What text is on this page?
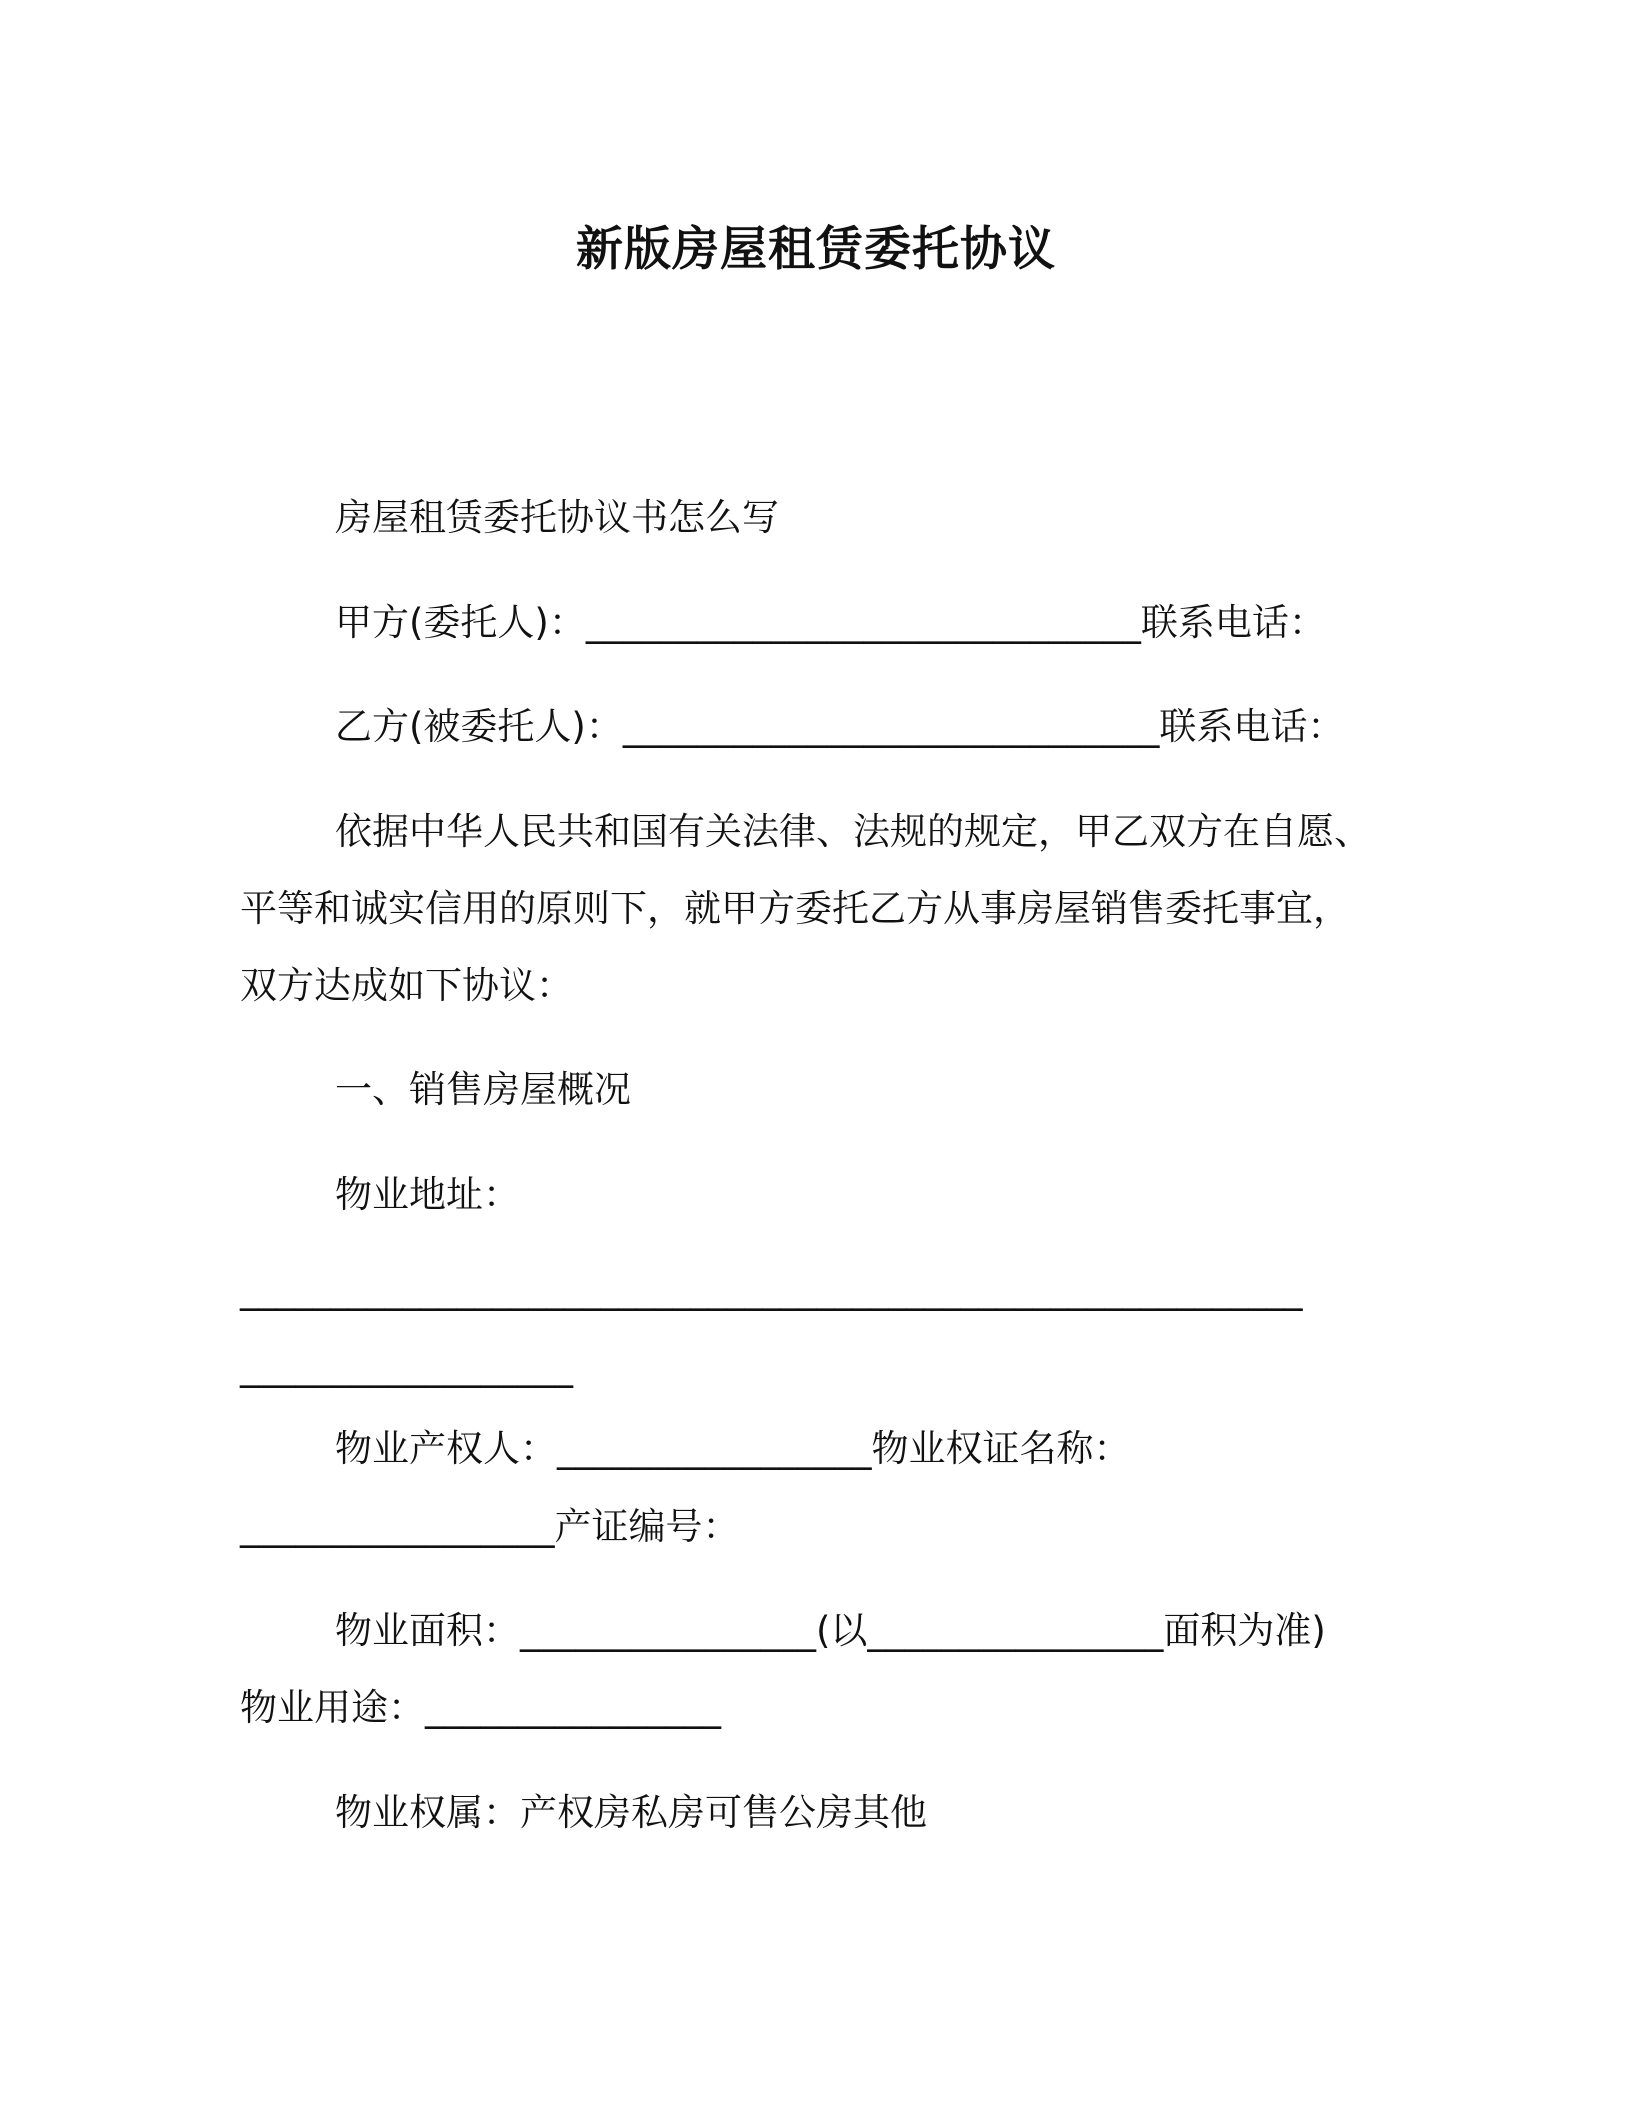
新版房屋租赁委托协议
房屋租赁委托协议书怎么写
甲方(委托人)：______________________________联系电话：
乙方(被委托人)：_____________________________联系电话：
依据中华人民共和国有关法律、法规的规定，甲乙双方在自愿、
平等和诚实信用的原则下，就甲方委托乙方从事房屋销售委托事宜，
双方达成如下协议：
一、销售房屋概况
物业地址：
___________________________________________________________
__________________
物业产权人：_________________物业权证名称：
_________________产证编号：
物业面积：________________(以________________面积为准)
物业用途：________________
物业权属：产权房私房可售公房其他
